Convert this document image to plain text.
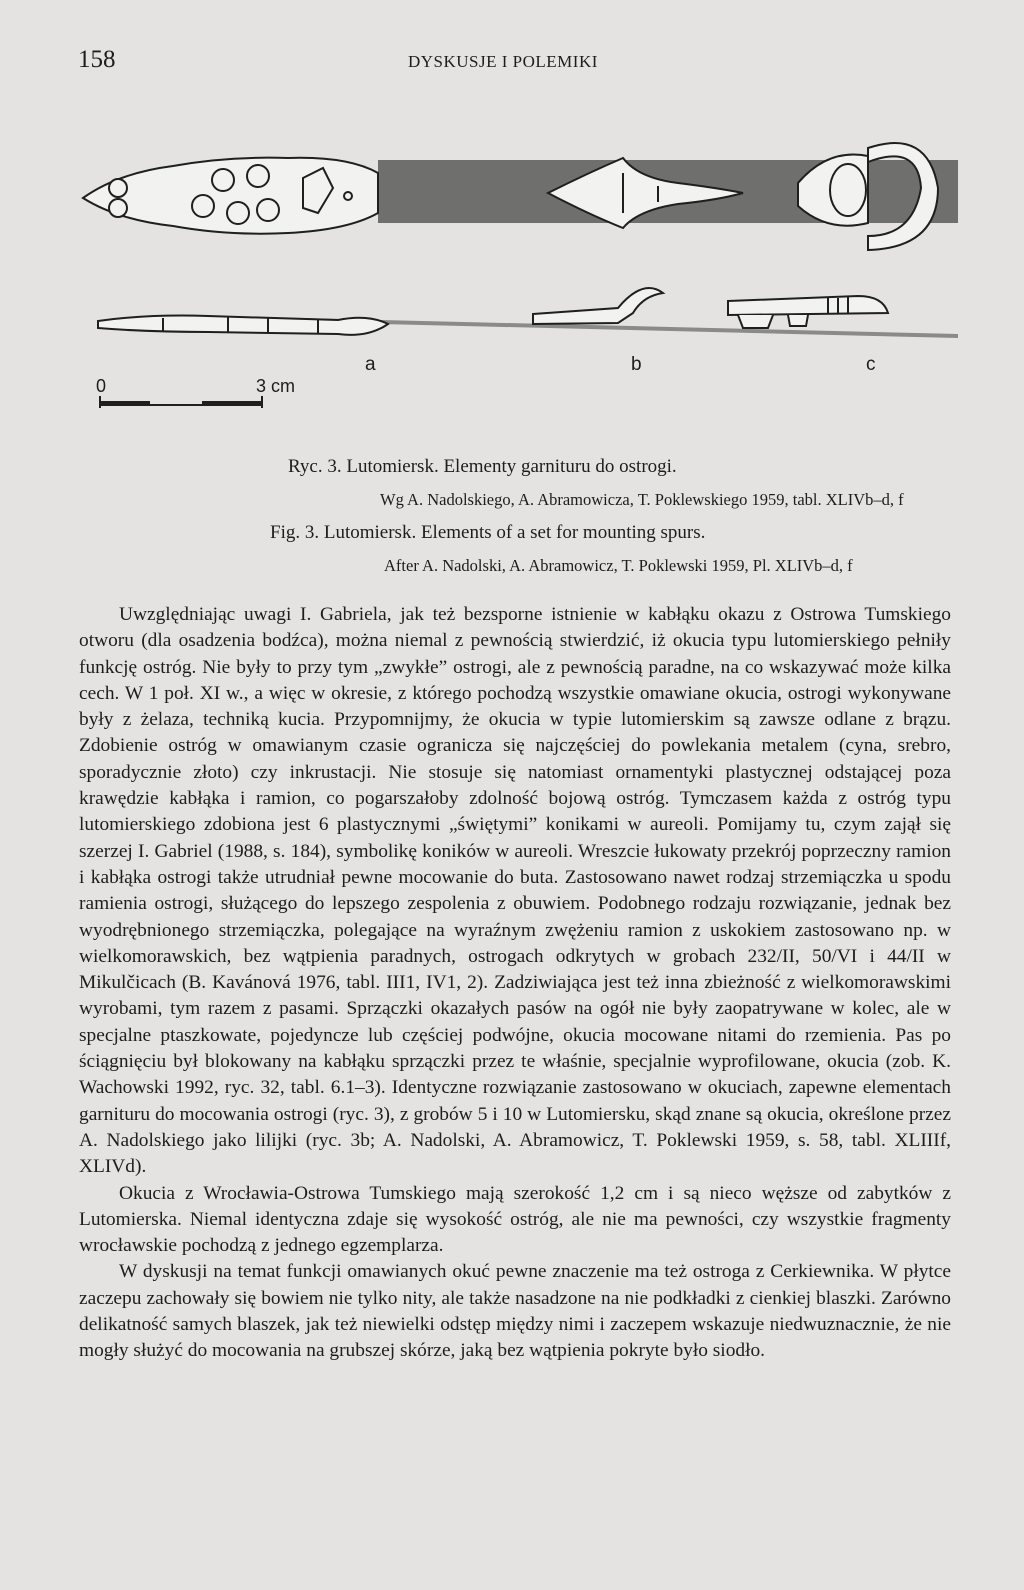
158	DYSKUSJE I POLEMIKI
a	b	c
0	3 cm
Ryc. 3. Lutomiersk. Elementy garnituru do ostrogi.
Wg A. Nadolskiego, A. Abramowicza, T. Poklewskiego 1959, tabl. XLIVb–d, f
Fig. 3. Lutomiersk. Elements of a set for mounting spurs.
After A. Nadolski, A. Abramowicz, T. Poklewski 1959, Pl. XLIVb–d, f

Uwzględniając uwagi I. Gabriela, jak też bezsporne istnienie w kabłąku okazu z Ostrowa Tumskiego otworu (dla osadzenia bodźca), można niemal z pewnością stwierdzić, iż okucia typu lutomierskiego pełniły funkcję ostróg. Nie były to przy tym „zwykłe” ostrogi, ale z pewnością paradne, na co wskazywać może kilka cech. W 1 poł. XI w., a więc w okresie, z którego pochodzą wszystkie omawiane okucia, ostrogi wykonywane były z żelaza, techniką kucia. Przypomnijmy, że okucia w typie lutomierskim są zawsze odlane z brązu. Zdobienie ostróg w omawianym czasie ogranicza się najczęściej do powlekania metalem (cyna, srebro, sporadycznie złoto) czy inkrustacji. Nie stosuje się natomiast ornamentyki plastycznej odstającej poza krawędzie kabłąka i ramion, co pogarszałoby zdolność bojową ostróg. Tymczasem każda z ostróg typu lutomierskiego zdobiona jest 6 plastycznymi „świętymi” konikami w aureoli. Pomijamy tu, czym zajął się szerzej I. Gabriel (1988, s. 184), symbolikę koników w aureoli. Wreszcie łukowaty przekrój poprzeczny ramion i kabłąka ostrogi także utrudniał pewne mocowanie do buta. Zastosowano nawet rodzaj strzemiączka u spodu ramienia ostrogi, służącego do lepszego zespolenia z obuwiem. Podobnego rodzaju rozwiązanie, jednak bez wyodrębnionego strzemiączka, polegające na wyraźnym zwężeniu ramion z uskokiem zastosowano np. w wielkomorawskich, bez wątpienia paradnych, ostrogach odkrytych w grobach 232/II, 50/VI i 44/II w Mikulčicach (B. Kavánová 1976, tabl. III1, IV1, 2). Zadziwiająca jest też inna zbieżność z wielkomorawskimi wyrobami, tym razem z pasami. Sprzączki okazałych pasów na ogół nie były zaopatrywane w kolec, ale w specjalne ptaszkowate, pojedyncze lub częściej podwójne, okucia mocowane nitami do rzemienia. Pas po ściągnięciu był blokowany na kabłąku sprzączki przez te właśnie, specjalnie wyprofilowane, okucia (zob. K. Wachowski 1992, ryc. 32, tabl. 6.1–3). Identyczne rozwiązanie zastosowano w okuciach, zapewne elementach garnituru do mocowania ostrogi (ryc. 3), z grobów 5 i 10 w Lutomiersku, skąd znane są okucia, określone przez A. Nadolskiego jako lilijki (ryc. 3b; A. Nadolski, A. Abramowicz, T. Poklewski 1959, s. 58, tabl. XLIIIf, XLIVd).

Okucia z Wrocławia-Ostrowa Tumskiego mają szerokość 1,2 cm i są nieco węższe od zabytków z Lutomierska. Niemal identyczna zdaje się wysokość ostróg, ale nie ma pewności, czy wszystkie fragmenty wrocławskie pochodzą z jednego egzemplarza.

W dyskusji na temat funkcji omawianych okuć pewne znaczenie ma też ostroga z Cerkiewnika. W płytce zaczepu zachowały się bowiem nie tylko nity, ale także nasadzone na nie podkładki z cienkiej blaszki. Zarówno delikatność samych blaszek, jak też niewielki odstęp między nimi i zaczepem wskazuje niedwuznacznie, że nie mogły służyć do mocowania na grubszej skórze, jaką bez wątpienia pokryte było siodło.
